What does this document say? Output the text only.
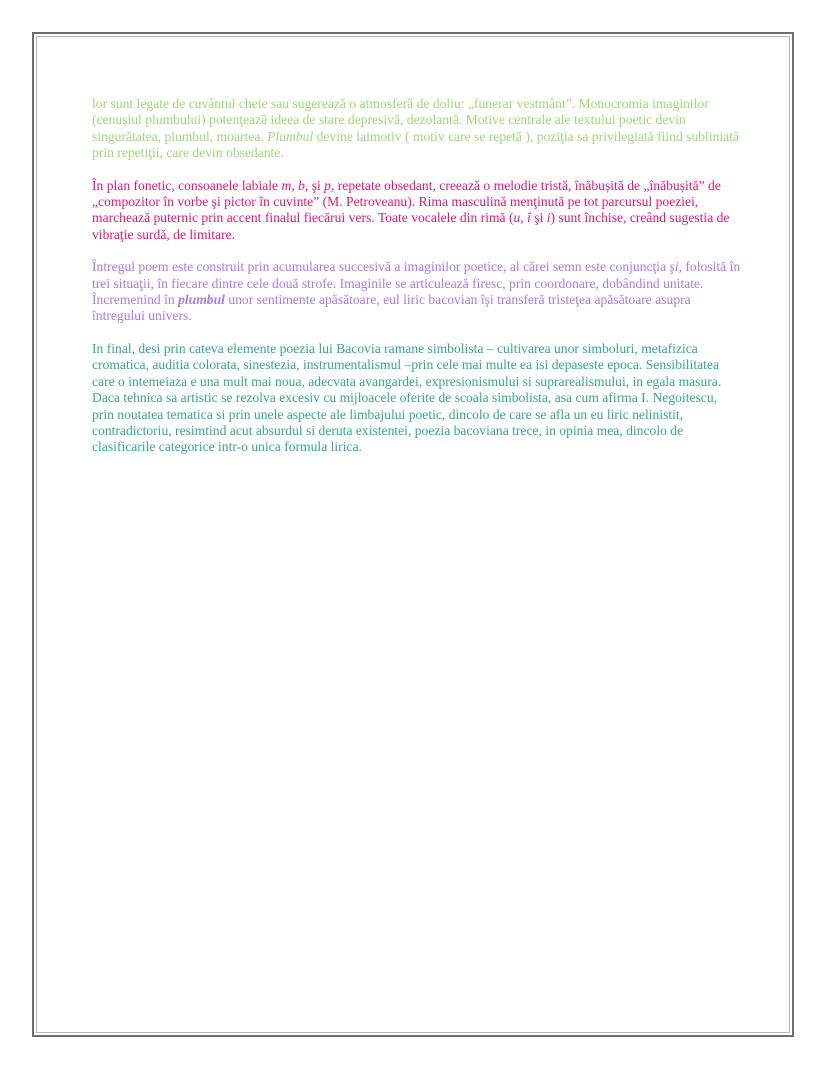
lor sunt legate de cuvântul cheie sau sugerează o atmosferă de doliu: „funerar vestmânt”. Monocromia imaginilor (cenușiul plumbului) potenţează ideea de stare depresivă, dezolantă. Motive centrale ale textului poetic devin singurătatea, plumbul, moartea. Plumbul devine laimotiv ( motiv care se repetă ), poziţia sa privilegiată fiind subliniată prin repetiţii, care devin obsedante.

În plan fonetic, consoanele labiale m, b, şi p, repetate obsedant, creează o melodie tristă, înăbușită de „înăbușită” de „compozitor în vorbe şi pictor în cuvinte” (M. Petroveanu). Rima masculină menţinută pe tot parcursul poeziei, marchează puternic prin accent finalul fiecărui vers. Toate vocalele din rimă (u, î şi i) sunt închise, creând sugestia de vibraţie surdă, de limitare.

Întregul poem este construit prin acumularea succesivă a imaginilor poetice, al cărei semn este conjuncţia şi, folosită în trei situaţii, în fiecare dintre cele două strofe. Imaginile se articulează firesc, prin coordonare, dobândind unitate. Încremenind în plumbul unor sentimente apăsătoare, eul liric bacovian îşi transferă tristeţea apăsătoare asupra întregului univers.

In final, desi prin cateva elemente poezia lui Bacovia ramane simbolista – cultivarea unor simboluri, metafizica cromatica, auditia colorata, sinestezia, instrumentalismul –prin cele mai multe ea isi depaseste epoca. Sensibilitatea care o intemeiaza e una mult mai noua, adecvata avangardei, expresionismului si suprarealismului, in egala masura. Daca tehnica sa artistic se rezolva excesiv cu mijloacele oferite de scoala simbolista, asa cum afirma I. Negoitescu, prin noutatea tematica si prin unele aspecte ale limbajului poetic, dincolo de care se afla un eu liric nelinistit, contradictoriu, resimtind acut absurdul si deruta existentei, poezia bacoviana trece, in opinia mea, dincolo de clasificarile categorice intr-o unica formula lirica.
